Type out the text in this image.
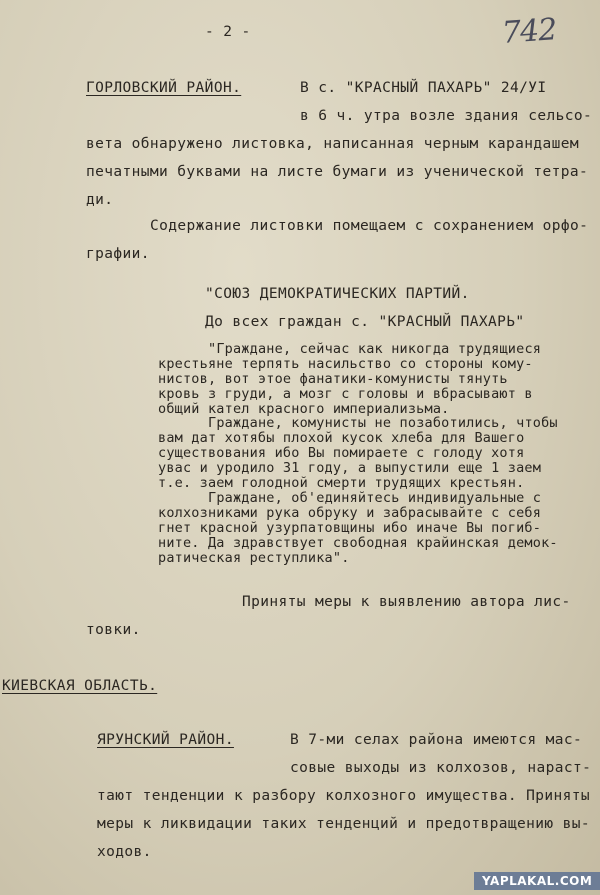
- 2 -	742
ГОРЛОВСКИЙ РАЙОН.	В с. "КРАСНЫЙ ПАХАРЬ" 24/УІ
в 6 ч. утра возле здания сельсо-
вета обнаружено листовка, написанная черным карандашем
печатными буквами на листе бумаги из ученической тетра-
ди.
Содержание листовки помещаем с сохранением орфо-
графии.
"СОЮЗ ДЕМОКРАТИЧЕСКИХ ПАРТИЙ.
До всех граждан с. "КРАСНЫЙ ПАХАРЬ"
"Граждане, сейчас как никогда трудящиеся
крестьяне терпять насильство со стороны кому-
нистов, вот этое фанатики-комунисты тянуть
кровь з груди, а мозг с головы и вбрасывают в
общий кател красного империализьма.
Граждане, комунисты не позаботились, чтобы
вам дат хотябы плохой кусок хлеба для Вашего
существования ибо Вы помираете с голоду хотя
увас и уродило 31 году, а выпустили еще 1 заем
т.е. заем голодной смерти трудящих крестьян.
Граждане, об'единяйтесь индивидуальные с
колхозниками рука обруку и забрасывайте с себя
гнет красной узурпатовщины ибо иначе Вы погиб-
ните. Да здравствует свободная крайинская демок-
ратическая реступлика".
Приняты меры к выявлению автора лис-
товки.
КИЕВСКАЯ ОБЛАСТЬ.
ЯРУНСКИЙ РАЙОН.	В 7-ми селах района имеются мас-
совые выходы из колхозов, нараст-
тают тенденции к разбору колхозного имущества. Приняты
меры к ликвидации таких тенденций и предотвращению вы-
ходов.
YAPLAKAL.COM
